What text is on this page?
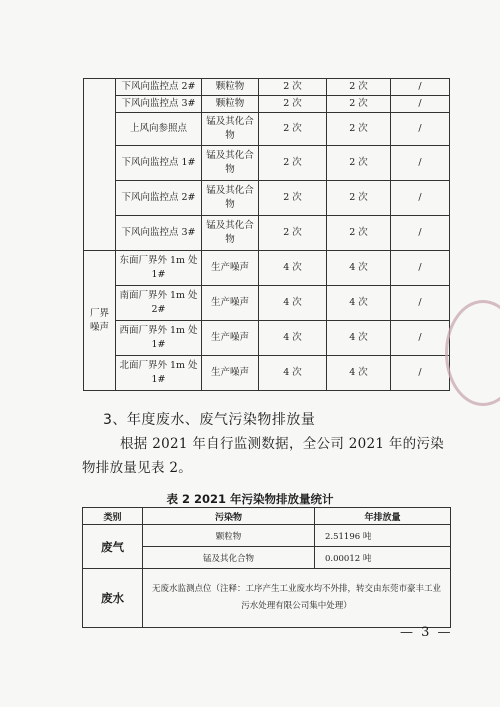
	下风向监控点 2#	颗粒物	2 次	2 次	/
	下风向监控点 3#	颗粒物	2 次	2 次	/
	上风向参照点	锰及其化合物	2 次	2 次	/
	下风向监控点 1#	锰及其化合物	2 次	2 次	/
	下风向监控点 2#	锰及其化合物	2 次	2 次	/
	下风向监控点 3#	锰及其化合物	2 次	2 次	/
厂界噪声	东面厂界外 1m 处 1#	生产噪声	4 次	4 次	/
	南面厂界外 1m 处 2#	生产噪声	4 次	4 次	/
	西面厂界外 1m 处 1#	生产噪声	4 次	4 次	/
	北面厂界外 1m 处 1#	生产噪声	4 次	4 次	/
3、年度废水、废气污染物排放量
根据 2021 年自行监测数据，全公司 2021 年的污染物排放量见表 2。
表 2 2021 年污染物排放量统计
类别	污染物	年排放量
废气	颗粒物	2.51196 吨
	锰及其化合物	0.00012 吨
废水	无废水监测点位（注释：工序产生工业废水均不外排，转交由东莞市豪丰工业污水处理有限公司集中处理）	
— 3 —
